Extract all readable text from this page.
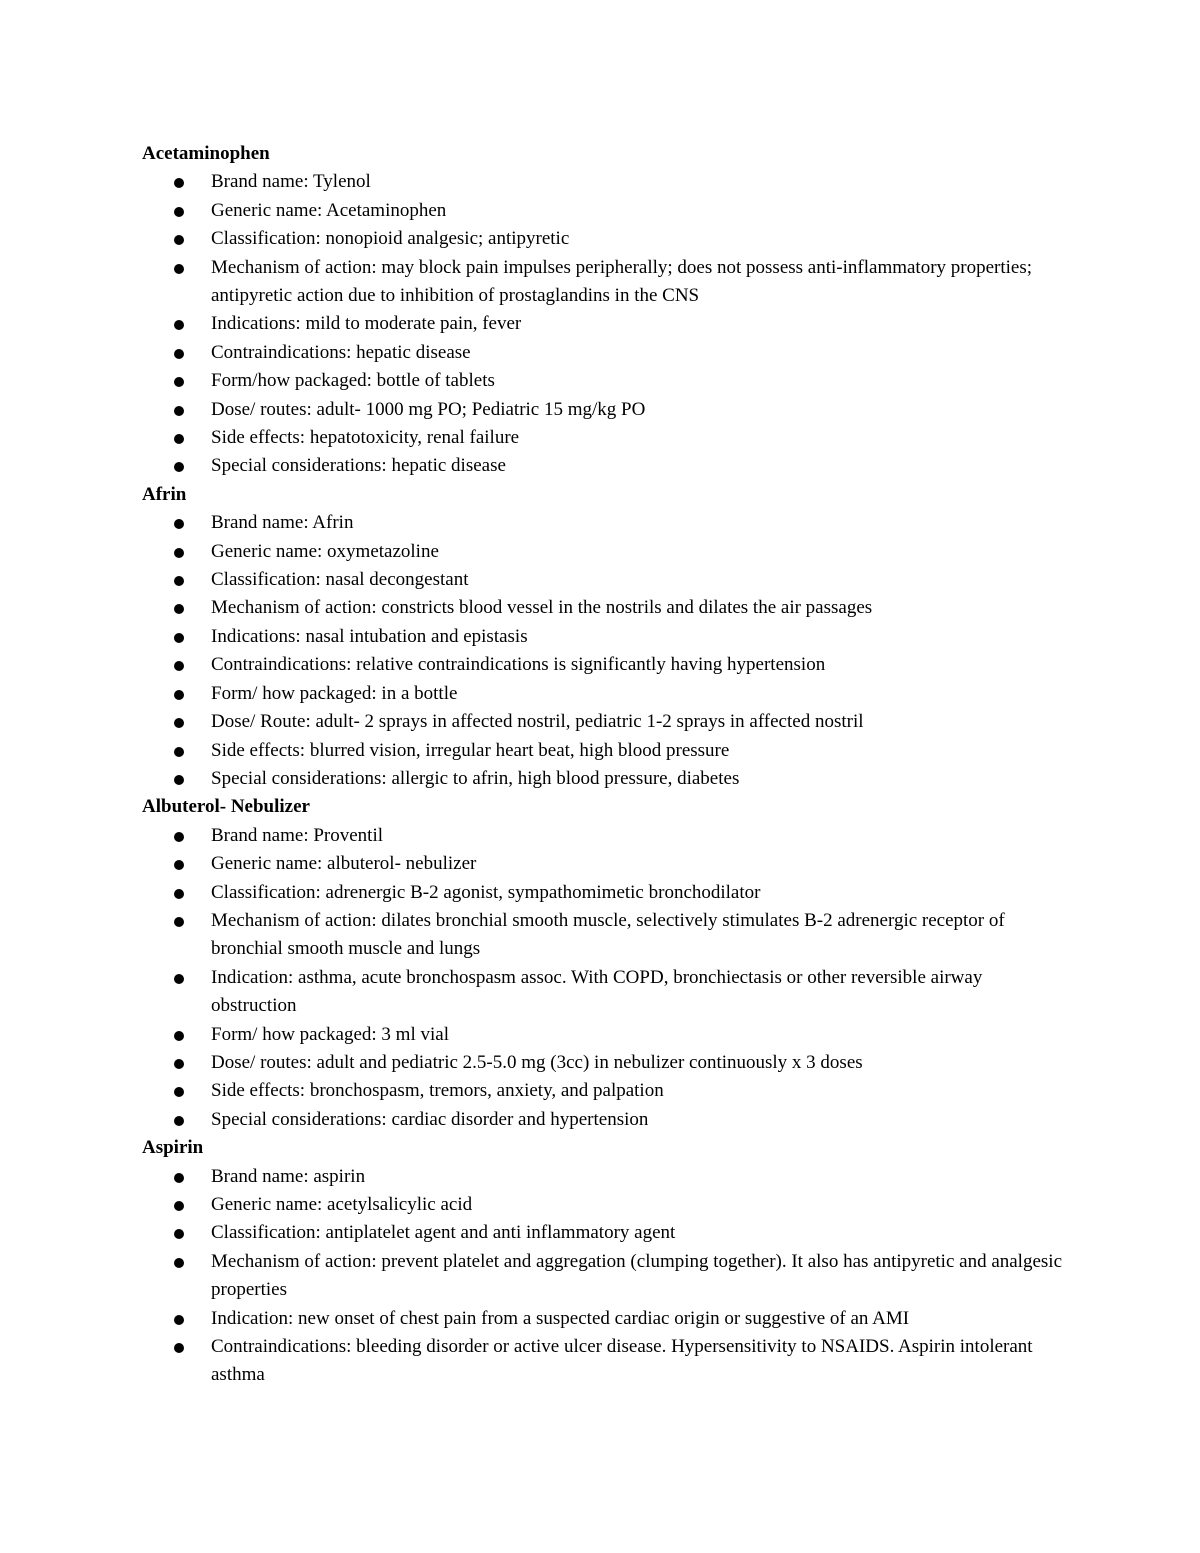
Acetaminophen
Brand name: Tylenol
Generic name: Acetaminophen
Classification: nonopioid analgesic; antipyretic
Mechanism of action: may block pain impulses peripherally; does not possess anti-inflammatory properties; antipyretic action due to inhibition of prostaglandins in the CNS
Indications: mild to moderate pain, fever
Contraindications: hepatic disease
Form/how packaged: bottle of tablets
Dose/ routes: adult- 1000 mg PO; Pediatric 15 mg/kg PO
Side effects: hepatotoxicity, renal failure
Special considerations: hepatic disease
Afrin
Brand name: Afrin
Generic name: oxymetazoline
Classification: nasal decongestant
Mechanism of action: constricts blood vessel in the nostrils and dilates the air passages
Indications: nasal intubation and epistasis
Contraindications: relative contraindications is significantly having hypertension
Form/ how packaged: in a bottle
Dose/ Route: adult- 2 sprays in affected nostril, pediatric 1-2 sprays in affected nostril
Side effects: blurred vision, irregular heart beat, high blood pressure
Special considerations: allergic to afrin, high blood pressure, diabetes
Albuterol- Nebulizer
Brand name: Proventil
Generic name: albuterol- nebulizer
Classification: adrenergic B-2 agonist, sympathomimetic bronchodilator
Mechanism of action: dilates bronchial smooth muscle, selectively stimulates B-2 adrenergic receptor of bronchial smooth muscle and lungs
Indication: asthma, acute bronchospasm assoc. With COPD, bronchiectasis or other reversible airway obstruction
Form/ how packaged: 3 ml vial
Dose/ routes: adult and pediatric 2.5-5.0 mg (3cc) in nebulizer continuously x 3 doses
Side effects: bronchospasm, tremors, anxiety, and palpation
Special considerations: cardiac disorder and hypertension
Aspirin
Brand name: aspirin
Generic name: acetylsalicylic acid
Classification: antiplatelet agent and anti inflammatory agent
Mechanism of action: prevent platelet and aggregation (clumping together). It also has antipyretic and analgesic properties
Indication: new onset of chest pain from a suspected cardiac origin or suggestive of an AMI
Contraindications: bleeding disorder or active ulcer disease. Hypersensitivity to NSAIDS. Aspirin intolerant asthma
